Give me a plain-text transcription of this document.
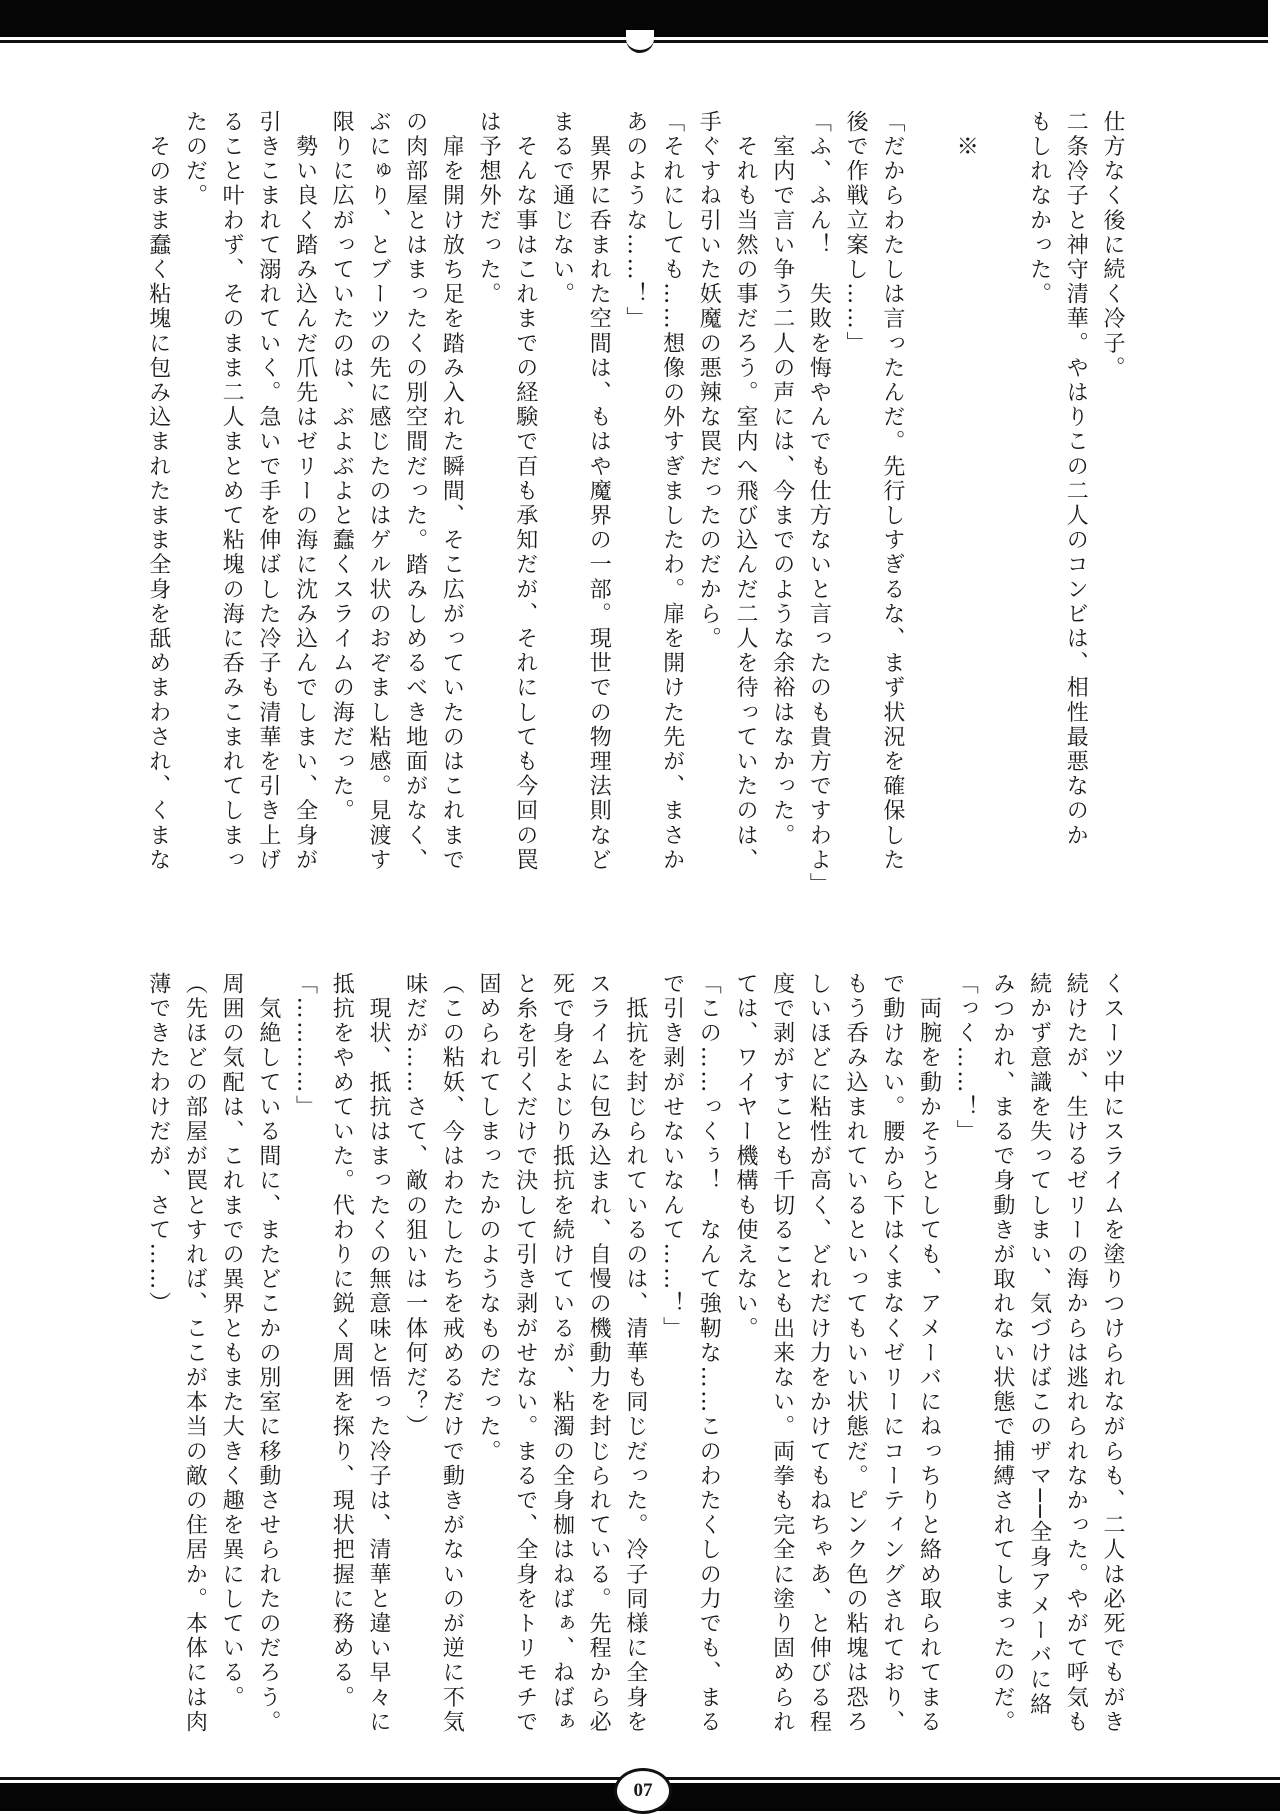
仕方なく後に続く冷子。
二条冷子と神守清華。やはりこの二人のコンビは、相性最悪なのか
もしれなかった。
　※
「だからわたしは言ったんだ。先行しすぎるな、まず状況を確保した
後で作戦立案し……」
「ふ、ふん！　失敗を悔やんでも仕方ないと言ったのも貴方ですわよ」
　室内で言い争う二人の声には、今までのような余裕はなかった。
　それも当然の事だろう。室内へ飛び込んだ二人を待っていたのは、
手ぐすね引いた妖魔の悪辣な罠だったのだから。
「それにしても……想像の外すぎましたわ。扉を開けた先が、まさか
あのような……！」
　異界に呑まれた空間は、もはや魔界の一部。現世での物理法則など
まるで通じない。
　そんな事はこれまでの経験で百も承知だが、それにしても今回の罠
は予想外だった。
　扉を開け放ち足を踏み入れた瞬間、そこ広がっていたのはこれまで
の肉部屋とはまったくの別空間だった。踏みしめるべき地面がなく、
ぶにゅり、とブーツの先に感じたのはゲル状のおぞまし粘感。見渡す
限りに広がっていたのは、ぶよぶよと蠢くスライムの海だった。
　勢い良く踏み込んだ爪先はゼリーの海に沈み込んでしまい、全身が
引きこまれて溺れていく。急いで手を伸ばした冷子も清華を引き上げ
ること叶わず、そのまま二人まとめて粘塊の海に呑みこまれてしまっ
たのだ。
　そのまま蠢く粘塊に包み込まれたまま全身を舐めまわされ、くまな
くスーツ中にスライムを塗りつけられながらも、二人は必死でもがき
続けたが、生けるゼリーの海からは逃れられなかった。やがて呼気も
続かず意識を失ってしまい、気づけばこのザマ──全身アメーバに絡
みつかれ、まるで身動きが取れない状態で捕縛されてしまったのだ。
「っく……！」
　両腕を動かそうとしても、アメーバにねっちりと絡め取られてまる
で動けない。腰から下はくまなくゼリーにコーティングされており、
もう呑み込まれているといってもいい状態だ。ピンク色の粘塊は恐ろ
しいほどに粘性が高く、どれだけ力をかけてもねちゃあ、と伸びる程
度で剥がすことも千切ることも出来ない。両拳も完全に塗り固められ
ては、ワイヤー機構も使えない。
「この……っくぅ！　なんて強靭な……このわたくしの力でも、まる
で引き剥がせないなんて……！」
　抵抗を封じられているのは、清華も同じだった。冷子同様に全身を
スライムに包み込まれ、自慢の機動力を封じられている。先程から必
死で身をよじり抵抗を続けているが、粘濁の全身枷はねばぁ、ねばぁ
と糸を引くだけで決して引き剥がせない。まるで、全身をトリモチで
固められてしまったかのようなものだった。
（この粘妖、今はわたしたちを戒めるだけで動きがないのが逆に不気
味だが……さて、敵の狙いは一体何だ？）
　現状、抵抗はまったくの無意味と悟った冷子は、清華と違い早々に
抵抗をやめていた。代わりに鋭く周囲を探り、現状把握に務める。
「…………」
　気絶している間に、またどこかの別室に移動させられたのだろう。
周囲の気配は、これまでの異界ともまた大きく趣を異にしている。
（先ほどの部屋が罠とすれば、ここが本当の敵の住居か。本体には肉
薄できたわけだが、さて……）
07
